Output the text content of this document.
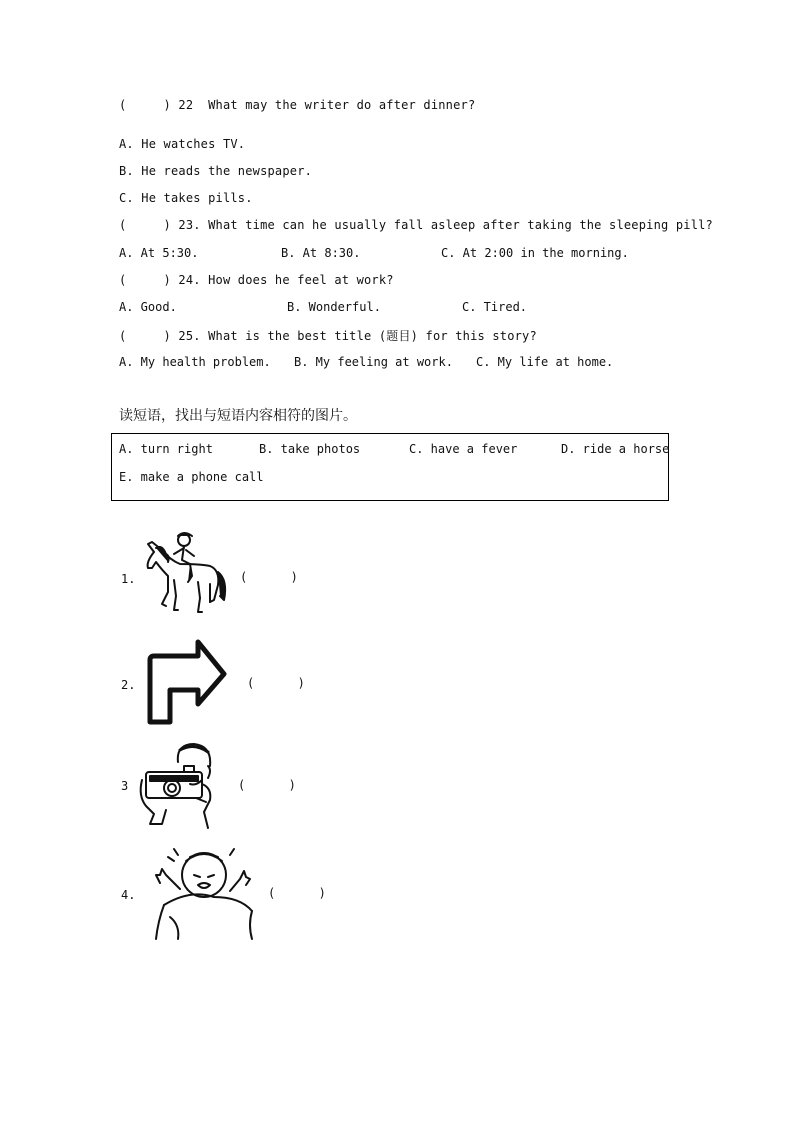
(     ) 22  What may the writer do after dinner?
A. He watches TV.
B. He reads the newspaper.
C. He takes pills.
(     ) 23. What time can he usually fall asleep after taking the sleeping pill?
A. At 5:30.	B. At 8:30.	C. At 2:00 in the morning.
(     ) 24. How does he feel at work?
A. Good.	B. Wonderful.	C. Tired.
(     ) 25. What is the best title (题目) for this story?
A. My health problem. B. My feeling at work. C. My life at home.
读短语，找出与短语内容相符的图片。
A. turn right	B. take photos	C. have a fever	D. ride a horse
E. make a phone call
1.	(      )
2.	(      )
3	(      )
4.	(      )
